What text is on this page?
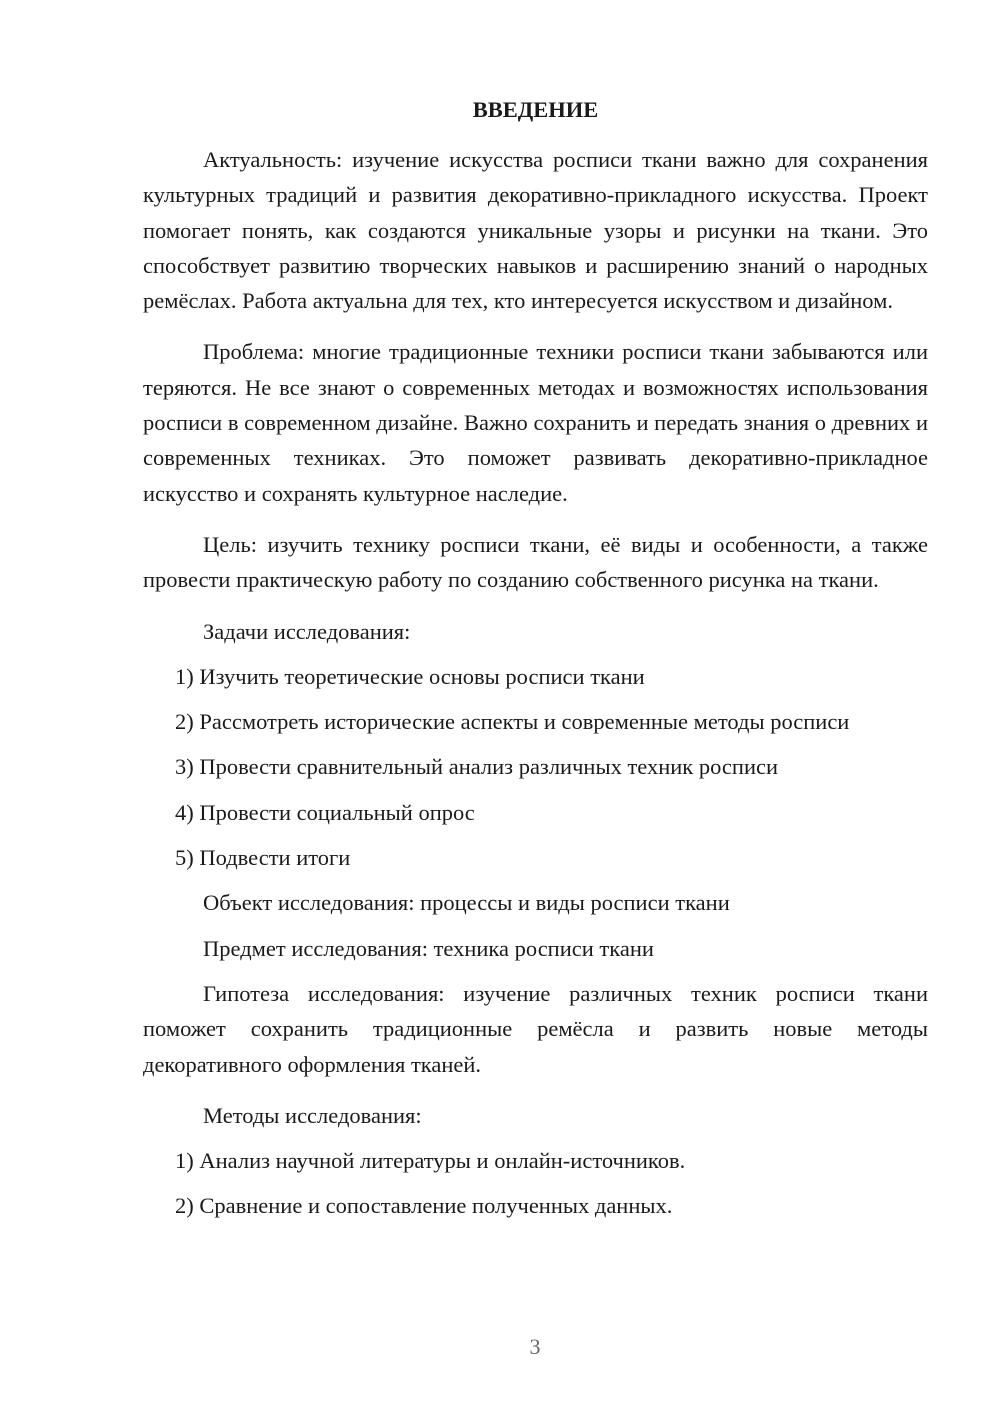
ВВЕДЕНИЕ

Актуальность: изучение искусства росписи ткани важно для сохранения культурных традиций и развития декоративно-прикладного искусства. Проект помогает понять, как создаются уникальные узоры и рисунки на ткани. Это способствует развитию творческих навыков и расширению знаний о народных ремёслах. Работа актуальна для тех, кто интересуется искусством и дизайном.

Проблема: многие традиционные техники росписи ткани забываются или теряются. Не все знают о современных методах и возможностях использования росписи в современном дизайне. Важно сохранить и передать знания о древних и современных техниках. Это поможет развивать декоративно-прикладное искусство и сохранять культурное наследие.

Цель: изучить технику росписи ткани, её виды и особенности, а также провести практическую работу по созданию собственного рисунка на ткани.

Задачи исследования:
1) Изучить теоретические основы росписи ткани
2) Рассмотреть исторические аспекты и современные методы росписи
3) Провести сравнительный анализ различных техник росписи
4) Провести социальный опрос
5) Подвести итоги
Объект исследования: процессы и виды росписи ткани
Предмет исследования: техника росписи ткани

Гипотеза исследования: изучение различных техник росписи ткани поможет сохранить традиционные ремёсла и развить новые методы декоративного оформления тканей.

Методы исследования:
1) Анализ научной литературы и онлайн-источников.
2) Сравнение и сопоставление полученных данных.
3
